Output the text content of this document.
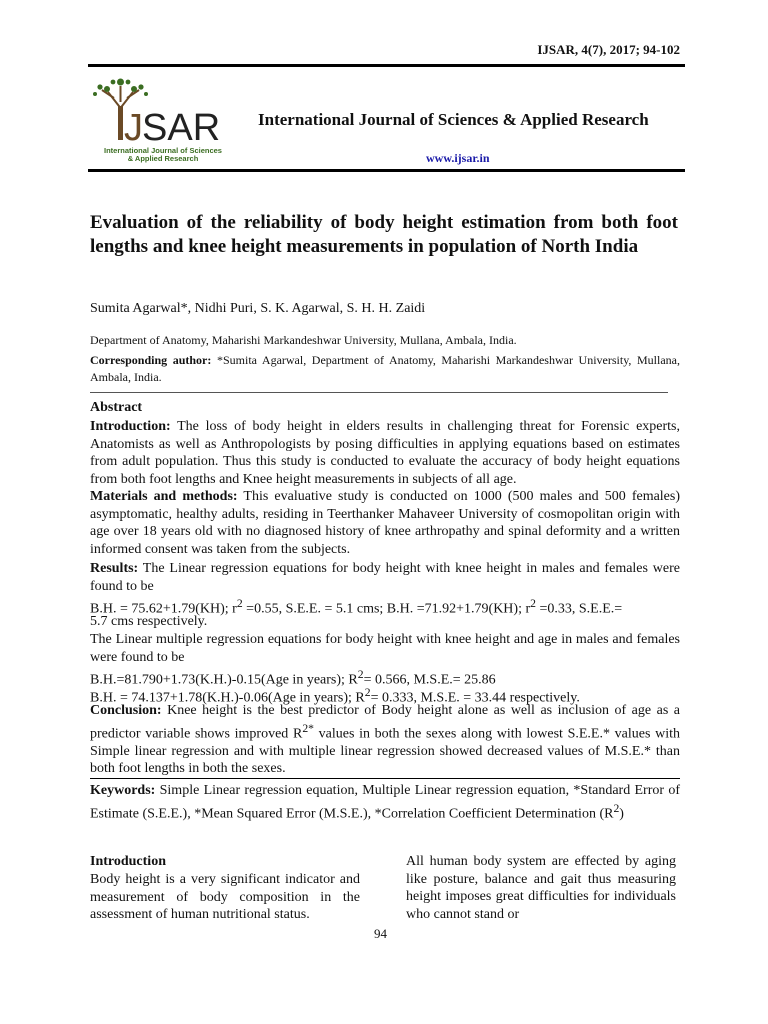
IJSAR, 4(7), 2017; 94-102
J SAR
International Journal of Sciences
& Applied Research
International Journal of Sciences & Applied Research
www.ijsar.in
Evaluation of the reliability of body height estimation from both foot lengths and knee height measurements in population of North India
Sumita Agarwal*, Nidhi Puri, S. K. Agarwal, S. H. H. Zaidi
Department of Anatomy, Maharishi Markandeshwar University, Mullana, Ambala, India.
Corresponding author: *Sumita Agarwal, Department of Anatomy, Maharishi Markandeshwar University, Mullana, Ambala, India.
Abstract
Introduction: The loss of body height in elders results in challenging threat for Forensic experts, Anatomists as well as Anthropologists by posing difficulties in applying equations based on estimates from adult population. Thus this study is conducted to evaluate the accuracy of body height equations from both foot lengths and Knee height measurements in subjects of all age.
Materials and methods: This evaluative study is conducted on 1000 (500 males and 500 females) asymptomatic, healthy adults, residing in Teerthanker Mahaveer University of cosmopolitan origin with age over 18 years old with no diagnosed history of knee arthropathy and spinal deformity and a written informed consent was taken from the subjects.
Results: The Linear regression equations for body height with knee height in males and females were found to be
B.H. = 75.62+1.79(KH); $r^2 =0.55$, S.E.E. = 5.1 cms; B.H. =71.92+1.79(KH); $r^2 =0.33$, S.E.E.=
5.7 cms respectively.
The Linear multiple regression equations for body height with knee height and age in males and females were found to be
B.H.=81.790+1.73(K.H.)-0.15(Age in years); $R^2= 0.566$, M.S.E.= 25.86
B.H. = 74.137+1.78(K.H.)-0.06(Age in years); $R^2= 0.333$, M.S.E. = 33.44 respectively.
Conclusion: Knee height is the best predictor of Body height alone as well as inclusion of age as a predictor variable shows improved $R^{2*}$ values in both the sexes along with lowest S.E.E.* values with Simple linear regression and with multiple linear regression showed decreased values of M.S.E.* than both foot lengths in both the sexes.
Keywords: Simple Linear regression equation, Multiple Linear regression equation, *Standard Error of Estimate (S.E.E.), *Mean Squared Error (M.S.E.), *Correlation Coefficient Determination $(R^2)$
Introduction
Body height is a very significant indicator and measurement of body composition in the assessment of human nutritional status.
All human body system are effected by aging like posture, balance and gait thus measuring height imposes great difficulties for individuals who cannot stand or
94
